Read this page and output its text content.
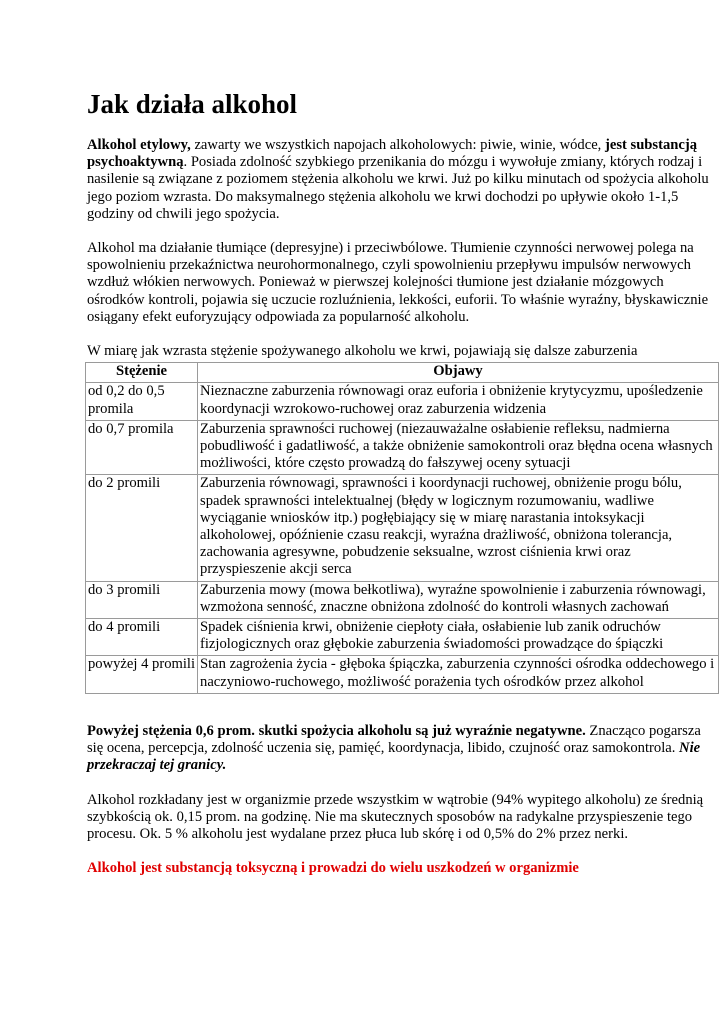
Jak działa alkohol

Alkohol etylowy, zawarty we wszystkich napojach alkoholowych: piwie, winie, wódce, jest substancją psychoaktywną. Posiada zdolność szybkiego przenikania do mózgu i wywołuje zmiany, których rodzaj i nasilenie są związane z poziomem stężenia alkoholu we krwi. Już po kilku minutach od spożycia alkoholu jego poziom wzrasta. Do maksymalnego stężenia alkoholu we krwi dochodzi po upływie około 1-1,5 godziny od chwili jego spożycia.

Alkohol ma działanie tłumiące (depresyjne) i przeciwbólowe. Tłumienie czynności nerwowej polega na spowolnieniu przekaźnictwa neurohormonalnego, czyli spowolnieniu przepływu impulsów nerwowych wzdłuż włókien nerwowych. Ponieważ w pierwszej kolejności tłumione jest działanie mózgowych ośrodków kontroli, pojawia się uczucie rozluźnienia, lekkości, euforii. To właśnie wyraźny, błyskawicznie osiągany efekt euforyzujący odpowiada za popularność alkoholu.

W miarę jak wzrasta stężenie spożywanego alkoholu we krwi, pojawiają się dalsze zaburzenia

Stężenie	Objawy
od 0,2 do 0,5 promila	Nieznaczne zaburzenia równowagi oraz euforia i obniżenie krytycyzmu, upośledzenie koordynacji wzrokowo-ruchowej oraz zaburzenia widzenia
do 0,7 promila	Zaburzenia sprawności ruchowej (niezauważalne osłabienie refleksu, nadmierna pobudliwość i gadatliwość, a także obniżenie samokontroli oraz błędna ocena własnych możliwości, które często prowadzą do fałszywej oceny sytuacji
do 2 promili	Zaburzenia równowagi, sprawności i koordynacji ruchowej, obniżenie progu bólu, spadek sprawności intelektualnej (błędy w logicznym rozumowaniu, wadliwe wyciąganie wniosków itp.) pogłębiający się w miarę narastania intoksykacji alkoholowej, opóźnienie czasu reakcji, wyraźna drażliwość, obniżona tolerancja, zachowania agresywne, pobudzenie seksualne, wzrost ciśnienia krwi oraz przyspieszenie akcji serca
do 3 promili	Zaburzenia mowy (mowa bełkotliwa), wyraźne spowolnienie i zaburzenia równowagi, wzmożona senność, znaczne obniżona zdolność do kontroli własnych zachowań
do 4 promili	Spadek ciśnienia krwi, obniżenie ciepłoty ciała, osłabienie lub zanik odruchów fizjologicznych oraz głębokie zaburzenia świadomości prowadzące do śpiączki
powyżej 4 promili	Stan zagrożenia życia - głęboka śpiączka, zaburzenia czynności ośrodka oddechowego i naczyniowo-ruchowego, możliwość porażenia tych ośrodków przez alkohol

Powyżej stężenia 0,6 prom. skutki spożycia alkoholu są już wyraźnie negatywne. Znacząco pogarsza się ocena, percepcja, zdolność uczenia się, pamięć, koordynacja, libido, czujność oraz samokontrola. Nie przekraczaj tej granicy.

Alkohol rozkładany jest w organizmie przede wszystkim w wątrobie (94% wypitego alkoholu) ze średnią szybkością ok. 0,15 prom. na godzinę. Nie ma skutecznych sposobów na radykalne przyspieszenie tego procesu. Ok. 5 % alkoholu jest wydalane przez płuca lub skórę i od 0,5% do 2% przez nerki.

Alkohol jest substancją toksyczną i prowadzi do wielu uszkodzeń w organizmie
